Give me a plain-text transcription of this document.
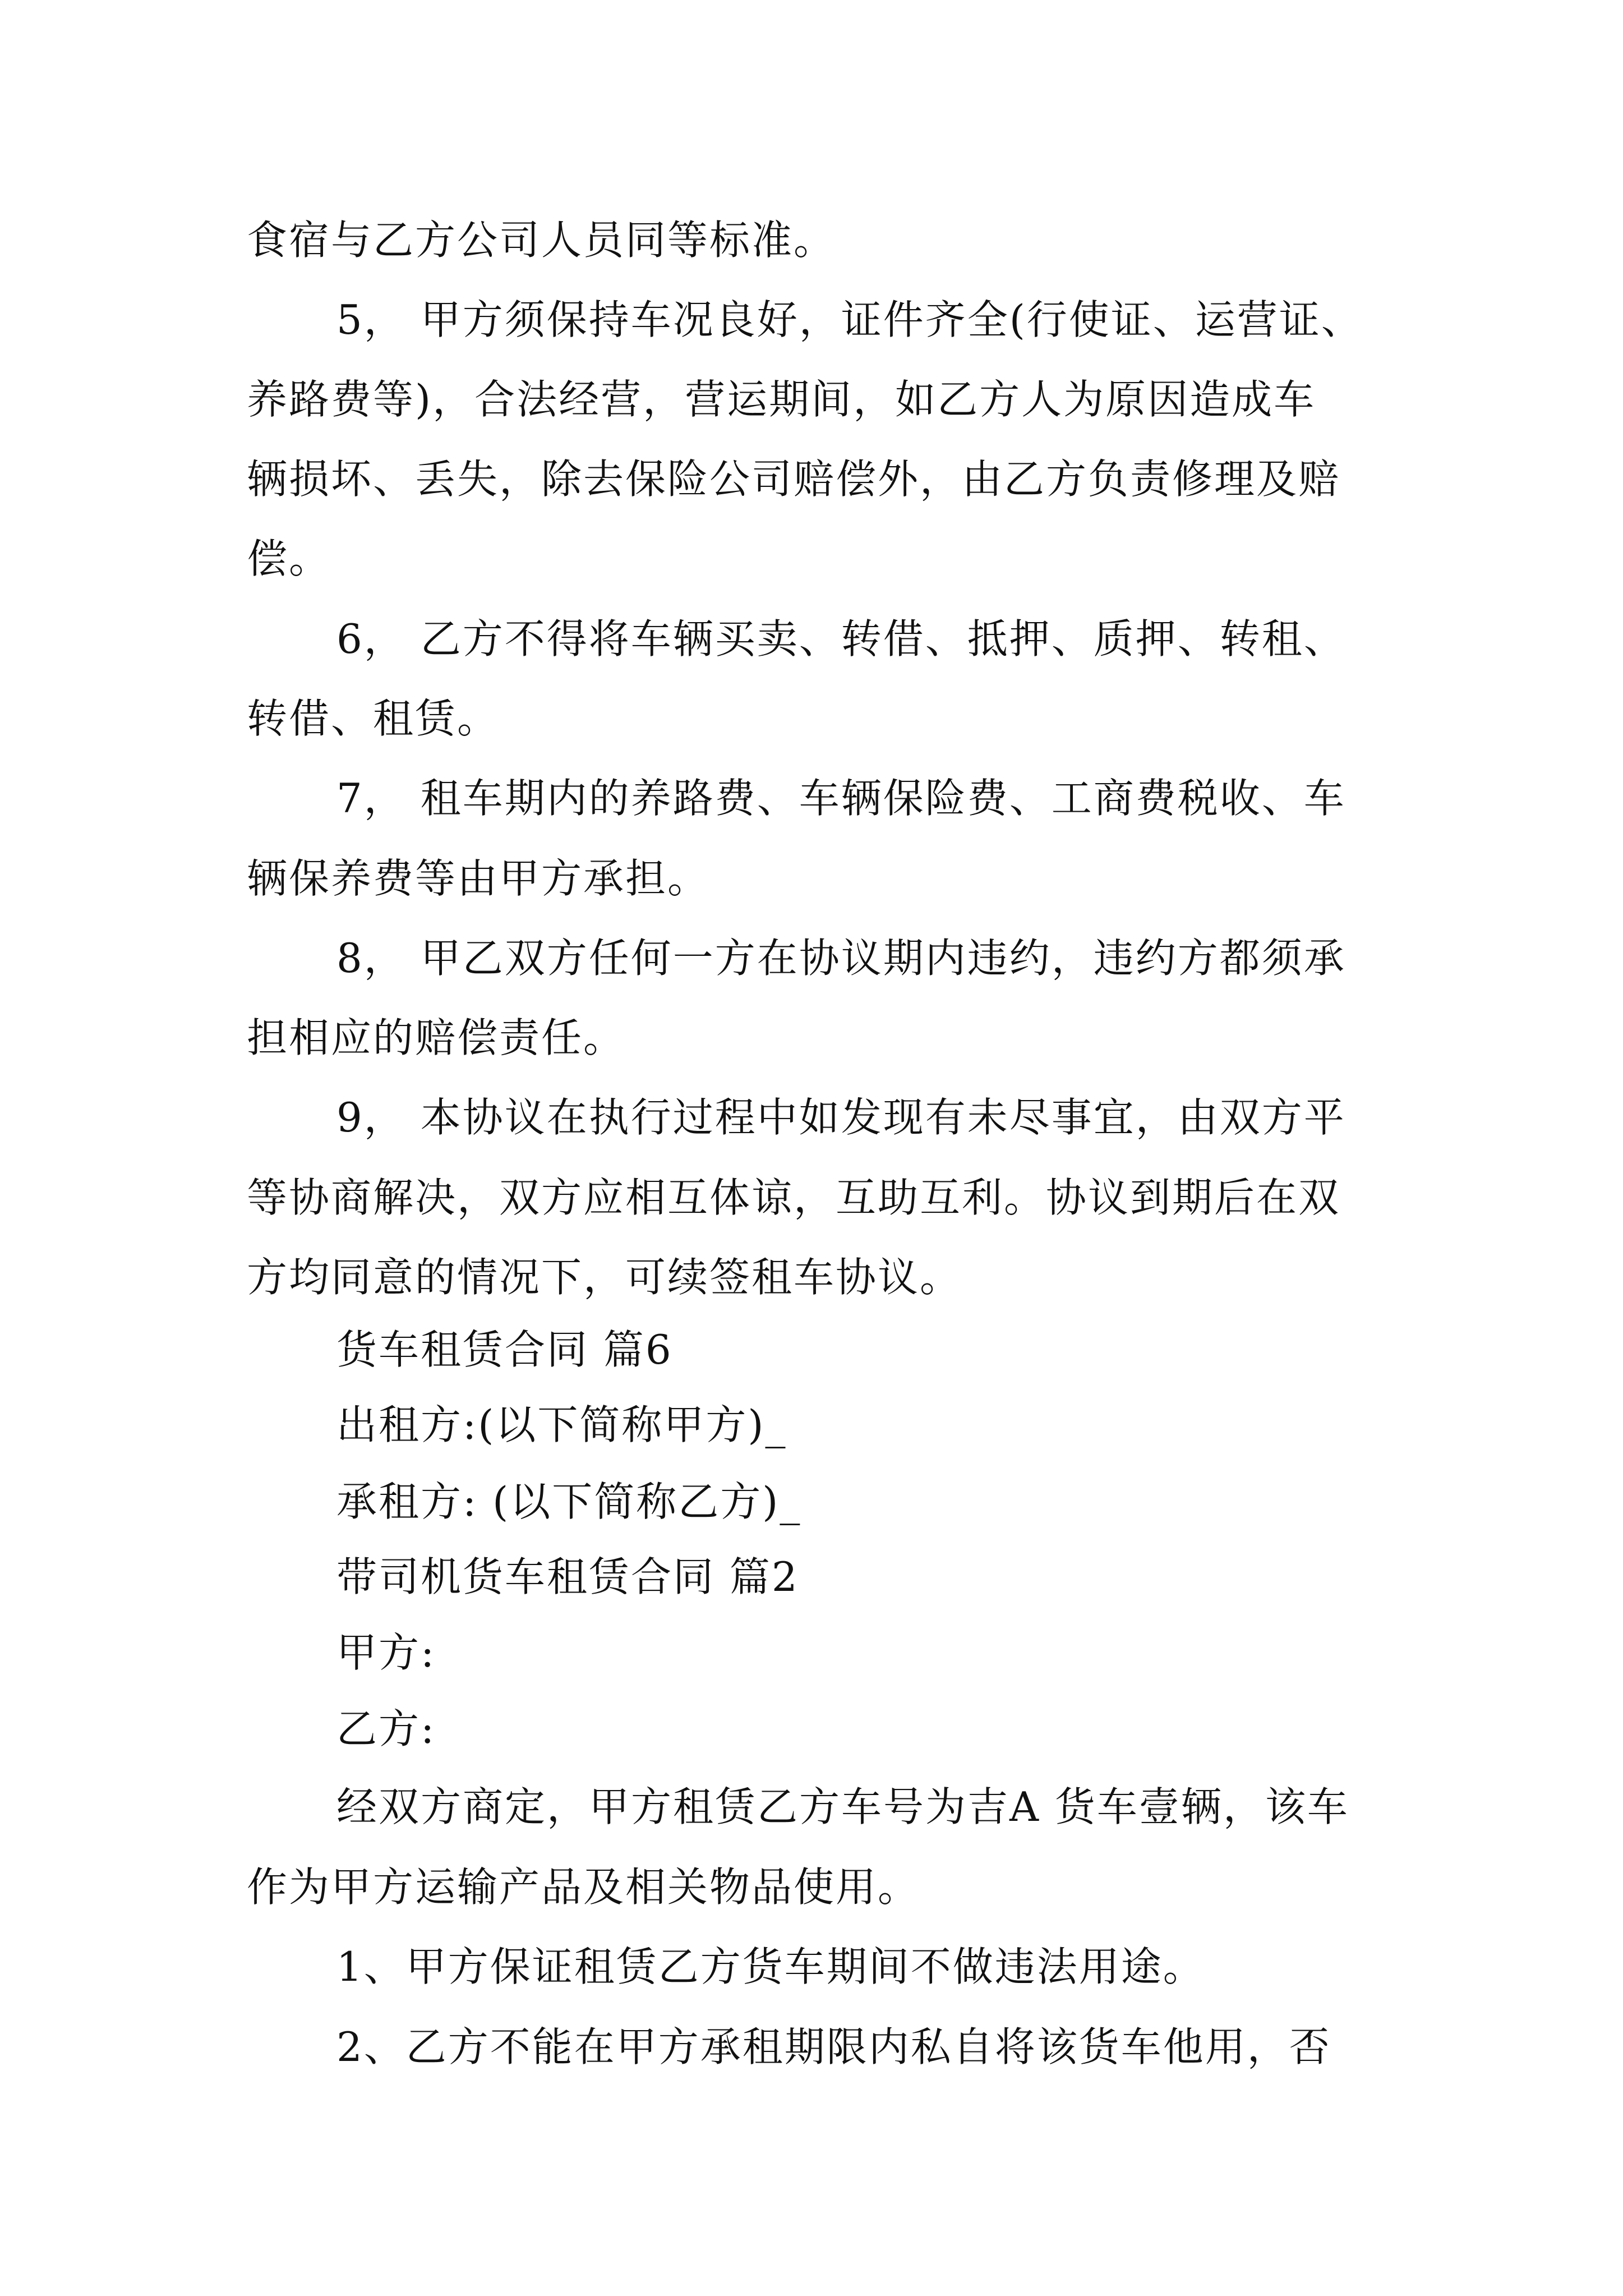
食宿与乙方公司人员同等标准。

5， 甲方须保持车况良好，证件齐全(行使证、运营证、

养路费等)，合法经营，营运期间，如乙方人为原因造成车

辆损坏、丢失，除去保险公司赔偿外，由乙方负责修理及赔

偿。

6， 乙方不得将车辆买卖、转借、抵押、质押、转租、

转借、租赁。

7， 租车期内的养路费、车辆保险费、工商费税收、车

辆保养费等由甲方承担。

8， 甲乙双方任何一方在协议期内违约，违约方都须承

担相应的赔偿责任。

9， 本协议在执行过程中如发现有未尽事宜，由双方平

等协商解决，双方应相互体谅，互助互利。协议到期后在双

方均同意的情况下，可续签租车协议。

货车租赁合同 篇6

出租方:(以下简称甲方)_

承租方: (以下简称乙方)_

带司机货车租赁合同 篇2

甲方:

乙方:

经双方商定，甲方租赁乙方车号为吉A 货车壹辆，该车

作为甲方运输产品及相关物品使用。

1、甲方保证租赁乙方货车期间不做违法用途。

2、乙方不能在甲方承租期限内私自将该货车他用，否
